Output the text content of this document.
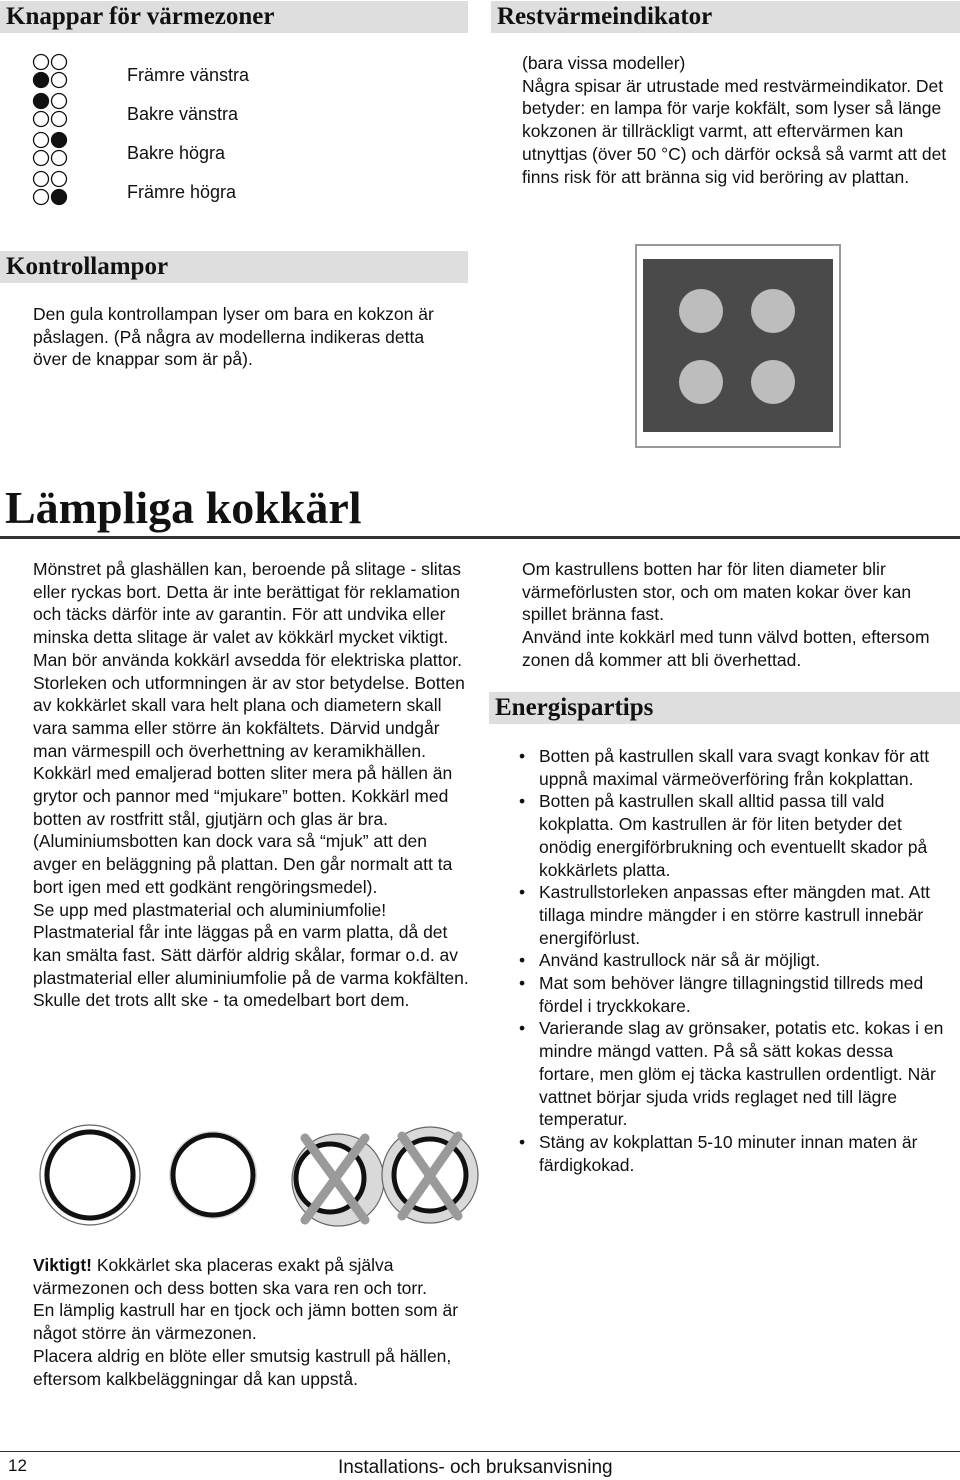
Knappar för värmezoner
Främre vänstra
Bakre vänstra
Bakre högra
Främre högra
Restvärmeindikator

(bara vissa modeller)

Några spisar är utrustade med restvärmeindikator. Det betyder: en lampa för varje kokfält, som lyser så länge kokzonen är tillräckligt varmt, att eftervärmen kan utnyttjas (över 50 °C) och därför också så varmt att det finns risk för att bränna sig vid beröring av plattan.

Kontrollampor
Den gula kontrollampan lyser om bara en kokzon är påslagen. (På några av modellerna indikeras detta över de knappar som är på).
Lämpliga kokkärl

Mönstret på glashällen kan, beroende på slitage - slitas eller ryckas bort. Detta är inte berättigat för reklamation och täcks därför inte av garantin. För att undvika eller minska detta slitage är valet av kökkärl mycket viktigt.

Man bör använda kokkärl avsedda för elektriska plattor. Storleken och utformningen är av stor betydelse. Botten av kokkärlet skall vara helt plana och diametern skall vara samma eller större än kokfältets. Därvid undgår man värmespill och överhettning av keramikhällen. Kokkärl med emaljerad botten sliter mera på hällen än grytor och pannor med “mjukare” botten. Kokkärl med botten av rostfritt stål, gjutjärn och glas är bra. (Aluminiumsbotten kan dock vara så “mjuk” att den avger en beläggning på plattan. Den går normalt att ta bort igen med ett godkänt rengöringsmedel).

Se upp med plastmaterial och aluminiumfolie! Plastmaterial får inte läggas på en varm platta, då det kan smälta fast. Sätt därför aldrig skålar, formar o.d. av plastmaterial eller aluminiumfolie på de varma kokfälten. Skulle det trots allt ske - ta omedelbart bort dem.

Om kastrullens botten har för liten diameter blir värmeförlusten stor, och om maten kokar över kan spillet bränna fast.

Använd inte kokkärl med tunn välvd botten, eftersom zonen då kommer att bli överhettad.

Energispartips
• Botten på kastrullen skall vara svagt konkav för att uppnå maximal värmeöverföring från kokplattan.
• Botten på kastrullen skall alltid passa till vald kokplatta. Om kastrullen är för liten betyder det onödig energiförbrukning och eventuellt skador på kokkärlets platta.
• Kastrullstorleken anpassas efter mängden mat. Att tillaga mindre mängder i en större kastrull innebär energiförlust.
• Använd kastrullock när så är möjligt.
• Mat som behöver längre tillagningstid tillreds med fördel i tryckkokare.
• Varierande slag av grönsaker, potatis etc. kokas i en mindre mängd vatten. På så sätt kokas dessa fortare, men glöm ej täcka kastrullen ordentligt. När vattnet börjar sjuda vrids reglaget ned till lägre temperatur.
• Stäng av kokplattan 5-10 minuter innan maten är färdigkokad.

Viktigt! Kokkärlet ska placeras exakt på själva värmezonen och dess botten ska vara ren och torr.

En lämplig kastrull har en tjock och jämn botten som är något större än värmezonen.

Placera aldrig en blöte eller smutsig kastrull på hällen, eftersom kalkbeläggningar då kan uppstå.

12	Installations- och bruksanvisning
